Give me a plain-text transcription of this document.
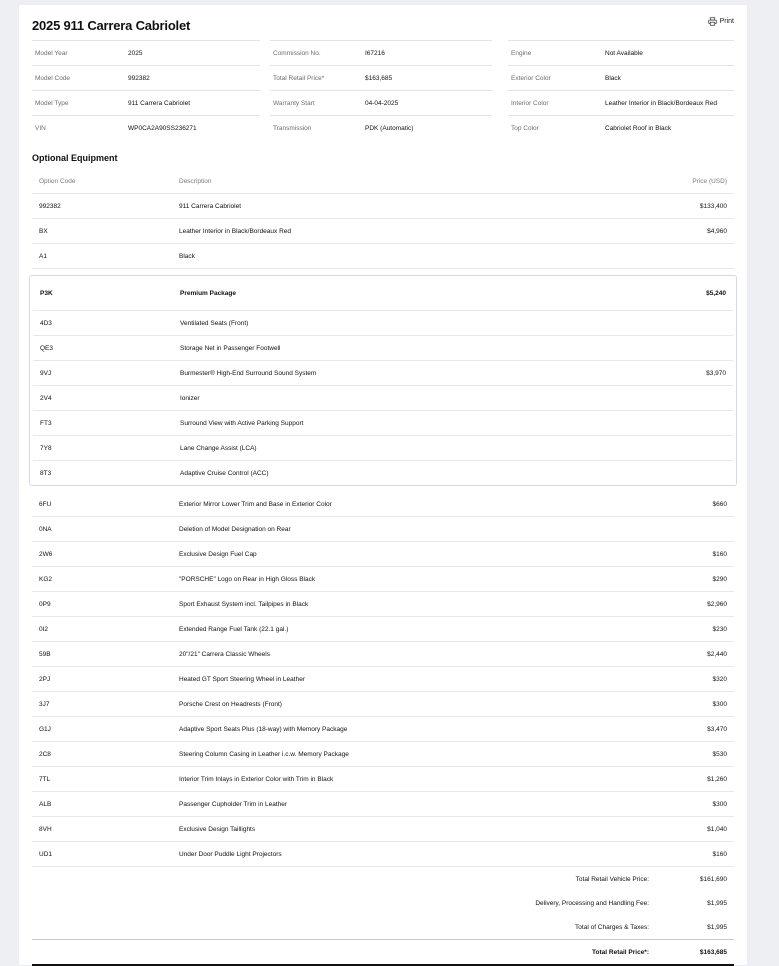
2025 911 Carrera Cabriolet	Print
Model Year	2025
Model Code	992382
Model Type	911 Carrera Cabriolet
VIN	WP0CA2A90SS236271
Commission No.	I67216
Total Retail Price*	$163,685
Warranty Start	04-04-2025
Transmission	PDK (Automatic)
Engine	Not Available
Exterior Color	Black
Interior Color	Leather Interior in Black/Bordeaux Red
Top Color	Cabriolet Roof in Black
Optional Equipment
Option Code	Description	Price (USD)
992382	911 Carrera Cabriolet	$133,400
BX	Leather Interior in Black/Bordeaux Red	$4,960
A1	Black
P3K	Premium Package	$5,240
4D3	Ventilated Seats (Front)
QE3	Storage Net in Passenger Footwell
9VJ	Burmester® High-End Surround Sound System	$3,970
2V4	Ionizer
FT3	Surround View with Active Parking Support
7Y8	Lane Change Assist (LCA)
8T3	Adaptive Cruise Control (ACC)
6FU	Exterior Mirror Lower Trim and Base in Exterior Color	$660
0NA	Deletion of Model Designation on Rear
2W6	Exclusive Design Fuel Cap	$160
KG2	"PORSCHE" Logo on Rear in High Gloss Black	$290
0P9	Sport Exhaust System incl. Tailpipes in Black	$2,960
0I2	Extended Range Fuel Tank (22.1 gal.)	$230
59B	20"/21" Carrera Classic Wheels	$2,440
2PJ	Heated GT Sport Steering Wheel in Leather	$320
3J7	Porsche Crest on Headrests (Front)	$300
G1J	Adaptive Sport Seats Plus (18-way) with Memory Package	$3,470
2C8	Steering Column Casing in Leather i.c.w. Memory Package	$530
7TL	Interior Trim Inlays in Exterior Color with Trim in Black	$1,260
ALB	Passenger Cupholder Trim in Leather	$300
8VH	Exclusive Design Taillights	$1,040
UD1	Under Door Puddle Light Projectors	$160
Total Retail Vehicle Price:	$161,690
Delivery, Processing and Handling Fee:	$1,995
Total of Charges & Taxes:	$1,995
Total Retail Price*:	$163,685
